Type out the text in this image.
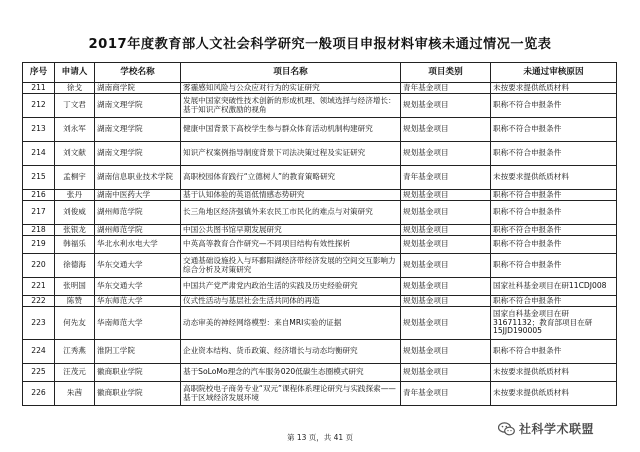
2017年度教育部人文社会科学研究一般项目申报材料审核未通过情况一览表
序号	申请人	学校名称	项目名称	项目类别	未通过审核原因
211	徐戈	湖南商学院	雾霾感知风险与公众应对行为的实证研究	青年基金项目	未按要求提供纸质材料
212	丁文君	湖南文理学院	发展中国家突破性技术创新的形成机理、领域选择与经济增长：基于知识产权激励的视角	规划基金项目	职称不符合申报条件
213	刘永军	湖南文理学院	健康中国背景下高校学生参与群众体育活动机制构建研究	规划基金项目	职称不符合申报条件
214	刘文献	湖南文理学院	知识产权案例指导制度背景下司法决策过程及实证研究	规划基金项目	职称不符合申报条件
215	孟桐宇	湖南信息职业技术学院	高职校园体育践行“立德树人”的教育策略研究	青年基金项目	未按要求提供纸质材料
216	张丹	湖南中医药大学	基于认知体验的英语低情感态势研究	规划基金项目	职称不符合申报条件
217	刘俊威	湖州师范学院	长三角地区经济强镇外来农民工市民化的难点与对策研究	规划基金项目	职称不符合申报条件
218	张银龙	湖州师范学院	中国公共图书馆早期发展研究	规划基金项目	职称不符合申报条件
219	韩福乐	华北水利水电大学	中英高等教育合作研究—不同项目结构有效性探析	规划基金项目	职称不符合申报条件
220	徐德海	华东交通大学	交通基础设施投入与环鄱阳湖经济带经济发展的空间交互影响力综合分析及对策研究	规划基金项目	职称不符合申报条件
221	张明国	华东交通大学	中国共产党严肃党内政治生活的实践及历史经验研究	规划基金项目	国家社科基金项目在研11CDJ008
222	陈赞	华东师范大学	仪式性活动与基层社会生活共同体的再造	规划基金项目	职称不符合申报条件
223	何先友	华南师范大学	动态审美的神经网络模型：来自MRI实验的证据	规划基金项目	国家自科基金项目在研31671132；教育部项目在研15JJD190005
224	江秀燕	淮阴工学院	企业资本结构、货币政策、经济增长与动态均衡研究	规划基金项目	职称不符合申报条件
225	汪茂元	徽商职业学院	基于SoLoMo理念的汽车服务020低碳生态圈模式研究	规划基金项目	未按要求提供纸质材料
226	朱茜	徽商职业学院	高职院校电子商务专业“双元”课程体系理论研究与实践探索——基于区域经济发展环境	青年基金项目	未按要求提供纸质材料
第 13 页，共 41 页
社科学术联盟
